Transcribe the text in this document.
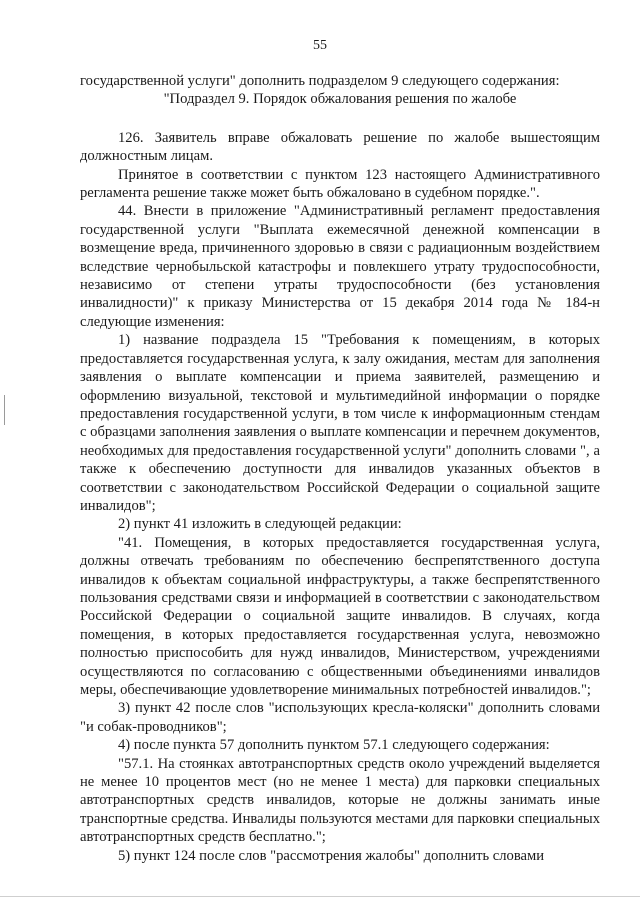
55

государственной услуги" дополнить подразделом 9 следующего содержания:

"Подраздел 9. Порядок обжалования решения по жалобе

126. Заявитель вправе обжаловать решение по жалобе вышестоящим должностным лицам.

Принятое в соответствии с пунктом 123 настоящего Административного регламента решение также может быть обжаловано в судебном порядке.".

44. Внести в приложение "Административный регламент предоставления государственной услуги "Выплата ежемесячной денежной компенсации в возмещение вреда, причиненного здоровью в связи с радиационным воздействием вследствие чернобыльской катастрофы и повлекшего утрату трудоспособности, независимо от степени утраты трудоспособности (без установления инвалидности)" к приказу Министерства от 15 декабря 2014 года № 184-н следующие изменения:

1) название подраздела 15 "Требования к помещениям, в которых предоставляется государственная услуга, к залу ожидания, местам для заполнения заявления о выплате компенсации и приема заявителей, размещению и оформлению визуальной, текстовой и мультимедийной информации о порядке предоставления государственной услуги, в том числе к информационным стендам с образцами заполнения заявления о выплате компенсации и перечнем документов, необходимых для предоставления государственной услуги" дополнить словами ", а также к обеспечению доступности для инвалидов указанных объектов в соответствии с законодательством Российской Федерации о социальной защите инвалидов";

2) пункт 41 изложить в следующей редакции:

"41. Помещения, в которых предоставляется государственная услуга, должны отвечать требованиям по обеспечению беспрепятственного доступа инвалидов к объектам социальной инфраструктуры, а также беспрепятственного пользования средствами связи и информацией в соответствии с законодательством Российской Федерации о социальной защите инвалидов. В случаях, когда помещения, в которых предоставляется государственная услуга, невозможно полностью приспособить для нужд инвалидов, Министерством, учреждениями осуществляются по согласованию с общественными объединениями инвалидов меры, обеспечивающие удовлетворение минимальных потребностей инвалидов.";

3) пункт 42 после слов "использующих кресла-коляски" дополнить словами "и собак-проводников";

4) после пункта 57 дополнить пунктом 57.1 следующего содержания:

"57.1. На стоянках автотранспортных средств около учреждений выделяется не менее 10 процентов мест (но не менее 1 места) для парковки специальных автотранспортных средств инвалидов, которые не должны занимать иные транспортные средства. Инвалиды пользуются местами для парковки специальных автотранспортных средств бесплатно.";

5) пункт 124 после слов "рассмотрения жалобы" дополнить словами
